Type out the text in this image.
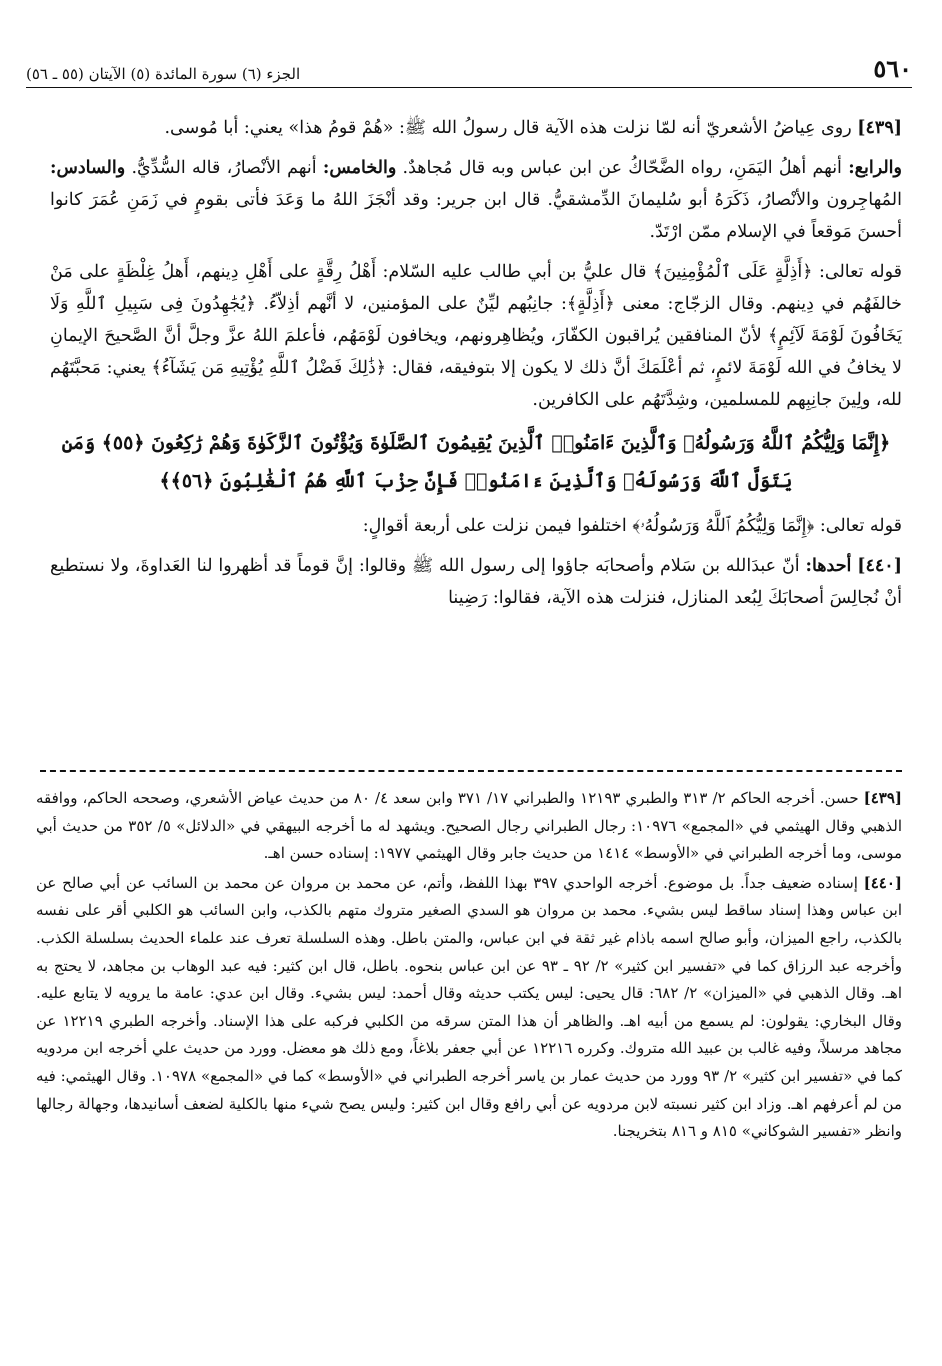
٥٦٠
الجزء (٦) سورة المائدة (٥) الآيتان (٥٥ ـ ٥٦)

[٤٣٩] روى عِياضُ الأشعريّ أنه لمّا نزلت هذه الآية قال رسولُ الله ﷺ: «هُمْ قومُ هذا» يعني: أبا مُوسى.

والرابع: أنهم أهلُ اليَمَنِ، رواه الضَّحّاكُ عن ابن عباس وبه قال مُجاهدٌ. والخامس: أنهم الأنْصارُ، قاله السُّدِّيُّ. والسادس: المُهاجِرون والأنْصارُ، ذَكَرَهُ أبو سُليمانَ الدِّمشقيُّ. قال ابن جرير: وقد أنْجَزَ اللهُ ما وَعَدَ فأتى بقومٍ في زَمَنِ عُمَرَ كانوا أحسنَ مَوقعاً في الإسلام ممّن ارْتَدّ.

قوله تعالى: ﴿أَذِلَّةٍ عَلَى ٱلْمُؤْمِنِينَ﴾ قال عليُّ بن أبي طالب عليه السّلام: أَهْلُ رِقَّةٍ على أَهْلِ دِينهم، أَهلُ غِلْظَةٍ على مَنْ خالفَهُم في دِينهم. وقال الزجّاج: معنى ﴿أَذِلَّةٍ﴾: جانِبُهم ليِّنٌ على المؤمنين، لا أنَّهم أذِلاّءُ. ﴿يُجَٰهِدُونَ فِى سَبِيلِ ٱللَّهِ وَلَا يَخَافُونَ لَوْمَةَ لَآئِمٍ﴾ لأنّ المنافقين يُراقبون الكفّارَ، ويُظاهِرونهم، ويخافون لَوْمَهُم، فأعلمَ اللهُ عزَّ وجلَّ أنَّ الصَّحيحَ الإيمانِ لا يخافُ في الله لَوْمَةَ لائمٍ، ثم أعْلَمَكَ أنَّ ذلك لا يكون إلا بتوفيقه، فقال: ﴿ذَٰلِكَ فَضْلُ ٱللَّهِ يُؤْتِيهِ مَن يَشَآءُ﴾ يعني: مَحبَّتَهُم لله، ولِينَ جانِبِهم للمسلمين، وشِدَّتَهُم على الكافرين.

﴿إِنَّمَا وَلِيُّكُمُ ٱللَّهُ وَرَسُولُهُۥ وَٱلَّذِينَ ءَامَنُوا۟ ٱلَّذِينَ يُقِيمُونَ ٱلصَّلَوٰةَ وَيُؤْتُونَ ٱلزَّكَوٰةَ وَهُمْ رَٰكِعُونَ ﴿٥٥﴾ وَمَن يَتَوَلَّ ٱللَّهَ وَرَسُولَهُۥ وَٱلَّذِينَ ءَامَنُوا۟ فَإِنَّ حِزْبَ ٱللَّهِ هُمُ ٱلْغَٰلِبُونَ ﴿٥٦﴾﴾

قوله تعالى: ﴿إِنَّمَا وَلِيُّكُمُ ٱللَّهُ وَرَسُولُهُۥ﴾ اختلفوا فيمن نزلت على أربعة أقوالٍ:

[٤٤٠] أحدها: أنّ عبدَالله بن سَلام وأصحابَه جاؤوا إلى رسول الله ﷺ وقالوا: إنَّ قوماً قد أظهروا لنا العَداوةَ، ولا نستطيع أنْ نُجالِسَ أصحابَكَ لِبُعد المنازل، فنزلت هذه الآية، فقالوا: رَضِينا

[٤٣٩] حسن. أخرجه الحاكم ٢/ ٣١٣ والطبري ١٢١٩٣ والطبراني ١٧/ ٣٧١ وابن سعد ٤/ ٨٠ من حديث عياض الأشعري، وصححه الحاكم، ووافقه الذهبي وقال الهيثمي في «المجمع» ١٠٩٧٦: رجال الطبراني رجال الصحيح. ويشهد له ما أخرجه البيهقي في «الدلائل» ٥/ ٣٥٢ من حديث أبي موسى، وما أخرجه الطبراني في «الأوسط» ١٤١٤ من حديث جابر وقال الهيثمي ١٩٧٧: إسناده حسن اهـ.

[٤٤٠] إسناده ضعيف جداً. بل موضوع. أخرجه الواحدي ٣٩٧ بهذا اللفظ، وأتم، عن محمد بن مروان عن محمد بن السائب عن أبي صالح عن ابن عباس وهذا إسناد ساقط ليس بشيء. محمد بن مروان هو السدي الصغير متروك متهم بالكذب، وابن السائب هو الكلبي أقر على نفسه بالكذب، راجع الميزان، وأبو صالح اسمه باذام غير ثقة في ابن عباس، والمتن باطل. وهذه السلسلة تعرف عند علماء الحديث بسلسلة الكذب. وأخرجه عبد الرزاق كما في «تفسير ابن كثير» ٢/ ٩٢ ـ ٩٣ عن ابن عباس بنحوه. باطل، قال ابن كثير: فيه عبد الوهاب بن مجاهد، لا يحتج به اهـ. وقال الذهبي في «الميزان» ٢/ ٦٨٢: قال يحيى: ليس يكتب حديثه وقال أحمد: ليس بشيء. وقال ابن عدي: عامة ما يرويه لا يتابع عليه. وقال البخاري: يقولون: لم يسمع من أبيه اهـ. والظاهر أن هذا المتن سرقه من الكلبي فركبه على هذا الإسناد. وأخرجه الطبري ١٢٢١٩ عن مجاهد مرسلاً، وفيه غالب بن عبيد الله متروك. وكرره ١٢٢١٦ عن أبي جعفر بلاغاً، ومع ذلك هو معضل. وورد من حديث علي أخرجه ابن مردويه كما في «تفسير ابن كثير» ٢/ ٩٣ وورد من حديث عمار بن ياسر أخرجه الطبراني في «الأوسط» كما في «المجمع» ١٠٩٧٨. وقال الهيثمي: فيه من لم أعرفهم اهـ. وزاد ابن كثير نسبته لابن مردويه عن أبي رافع وقال ابن كثير: وليس يصح شيء منها بالكلية لضعف أسانيدها، وجهالة رجالها وانظر «تفسير الشوكاني» ٨١٥ و ٨١٦ بتخريجنا.
